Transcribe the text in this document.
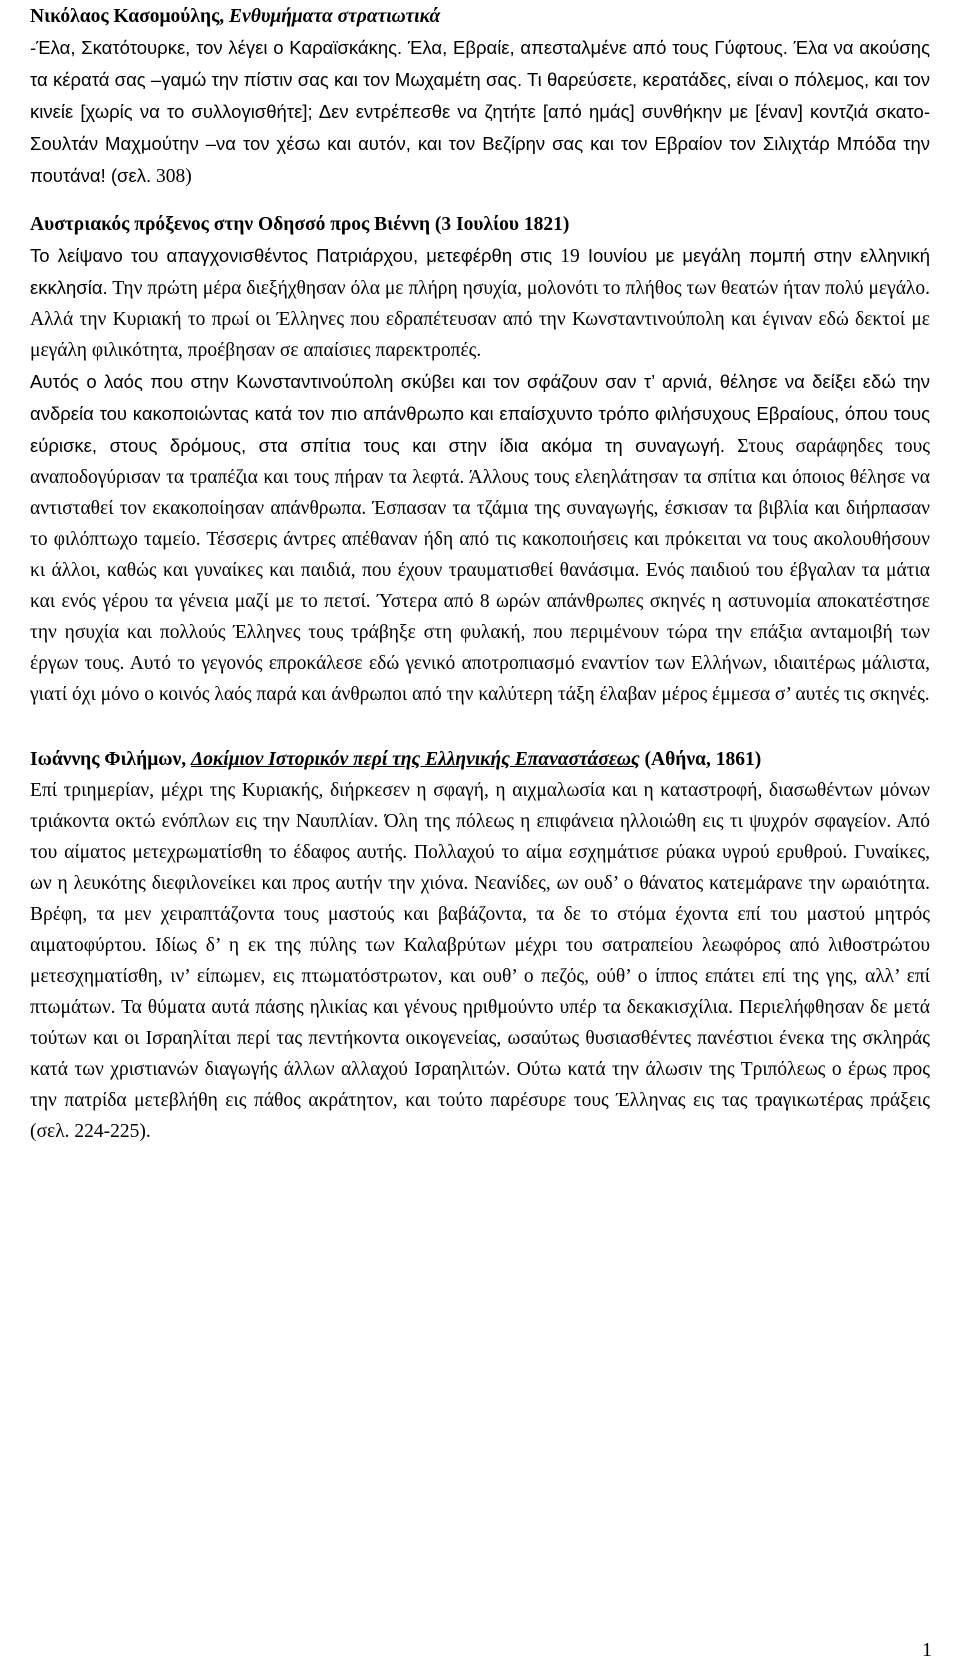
Νικόλαος Κασομούλης, Ενθυμήματα στρατιωτικά

-Έλα, Σκατότουρκε, τον λέγει ο Καραϊσκάκης. Έλα, Εβραίε, απεσταλμένε από τους Γύφτους. Έλα να ακούσης τα κέρατά σας –γαμώ την πίστιν σας και τον Μωχαμέτη σας. Τι θαρεύσετε, κερατάδες, είναι ο πόλεμος, και τον κινείε [χωρίς να το συλλογισθήτε]; Δεν εντρέπεσθε να ζητήτε [από ημάς] συνθήκην με [έναν] κοντζιά σκατο-Σουλτάν Μαχμούτην –να τον χέσω και αυτόν, και τον Βεζίρην σας και τον Εβραίον τον Σιλιχτάρ Μπόδα την πουτάνα! (σελ. 308)

Αυστριακός πρόξενος στην Οδησσό προς Βιέννη (3 Ιουλίου 1821)

Το λείψανο του απαγχονισθέντος Πατριάρχου, μετεφέρθη στις 19 Ιουνίου με μεγάλη πομπή στην ελληνική εκκλησία. Την πρώτη μέρα διεξήχθησαν όλα με πλήρη ησυχία, μολονότι το πλήθος των θεατών ήταν πολύ μεγάλο. Αλλά την Κυριακή το πρωί οι Έλληνες που εδραπέτευσαν από την Κωνσταντινούπολη και έγιναν εδώ δεκτοί με μεγάλη φιλικότητα, προέβησαν σε απαίσιες παρεκτροπές.

Αυτός ο λαός που στην Κωνσταντινούπολη σκύβει και τον σφάζουν σαν τ’ αρνιά, θέλησε να δείξει εδώ την ανδρεία του κακοποιώντας κατά τον πιο απάνθρωπο και επαίσχυντο τρόπο φιλήσυχους Εβραίους, όπου τους εύρισκε, στους δρόμους, στα σπίτια τους και στην ίδια ακόμα τη συναγωγή. Στους σαράφηδες τους αναποδογύρισαν τα τραπέζια και τους πήραν τα λεφτά. Άλλους τους ελεηλάτησαν τα σπίτια και όποιος θέλησε να αντισταθεί τον εκακοποίησαν απάνθρωπα. Έσπασαν τα τζάμια της συναγωγής, έσκισαν τα βιβλία και διήρπασαν το φιλόπτωχο ταμείο. Τέσσερις άντρες απέθαναν ήδη από τις κακοποιήσεις και πρόκειται να τους ακολουθήσουν κι άλλοι, καθώς και γυναίκες και παιδιά, που έχουν τραυματισθεί θανάσιμα. Ενός παιδιού του έβγαλαν τα μάτια και ενός γέρου τα γένεια μαζί με το πετσί. Ύστερα από 8 ωρών απάνθρωπες σκηνές η αστυνομία αποκατέστησε την ησυχία και πολλούς Έλληνες τους τράβηξε στη φυλακή, που περιμένουν τώρα την επάξια ανταμοιβή των έργων τους. Αυτό το γεγονός επροκάλεσε εδώ γενικό αποτροπιασμό εναντίον των Ελλήνων, ιδιαιτέρως μάλιστα, γιατί όχι μόνο ο κοινός λαός παρά και άνθρωποι από την καλύτερη τάξη έλαβαν μέρος έμμεσα σ’ αυτές τις σκηνές.

Ιωάννης Φιλήμων, Δοκίμιον Ιστορικόν περί της Ελληνικής Επαναστάσεως (Αθήνα, 1861)

Επί τριημερίαν, μέχρι της Κυριακής, διήρκεσεν η σφαγή, η αιχμαλωσία και η καταστροφή, διασωθέντων μόνων τριάκοντα οκτώ ενόπλων εις την Ναυπλίαν. Όλη της πόλεως η επιφάνεια ηλλοιώθη εις τι ψυχρόν σφαγείον. Από του αίματος μετεχρωματίσθη το έδαφος αυτής. Πολλαχού το αίμα εσχημάτισε ρύακα υγρού ερυθρού. Γυναίκες, ων η λευκότης διεφιλονείκει και προς αυτήν την χιόνα. Νεανίδες, ων ουδ’ ο θάνατος κατεμάρανε την ωραιότητα. Βρέφη, τα μεν χειραπτάζοντα τους μαστούς και βαβάζοντα, τα δε το στόμα έχοντα επί του μαστού μητρός αιματοφύρτου. Ιδίως δ’ η εκ της πύλης των Καλαβρύτων μέχρι του σατραπείου λεωφόρος από λιθοστρώτου μετεσχηματίσθη, ιν’ είπωμεν, εις πτωματόστρωτον, και ουθ’ ο πεζός, ούθ’ ο ίππος επάτει επί της γης, αλλ’ επί πτωμάτων. Τα θύματα αυτά πάσης ηλικίας και γένους ηριθμούντο υπέρ τα δεκακισχίλια. Περιελήφθησαν δε μετά τούτων και οι Ισραηλίται περί τας πεντήκοντα οικογενείας, ωσαύτως θυσιασθέντες πανέστιοι ένεκα της σκληράς κατά των χριστιανών διαγωγής άλλων αλλαχού Ισραηλιτών. Ούτω κατά την άλωσιν της Τριπόλεως ο έρως προς την πατρίδα μετεβλήθη εις πάθος ακράτητον, και τούτο παρέσυρε τους Έλληνας εις τας τραγικωτέρας πράξεις (σελ. 224-225).

1
